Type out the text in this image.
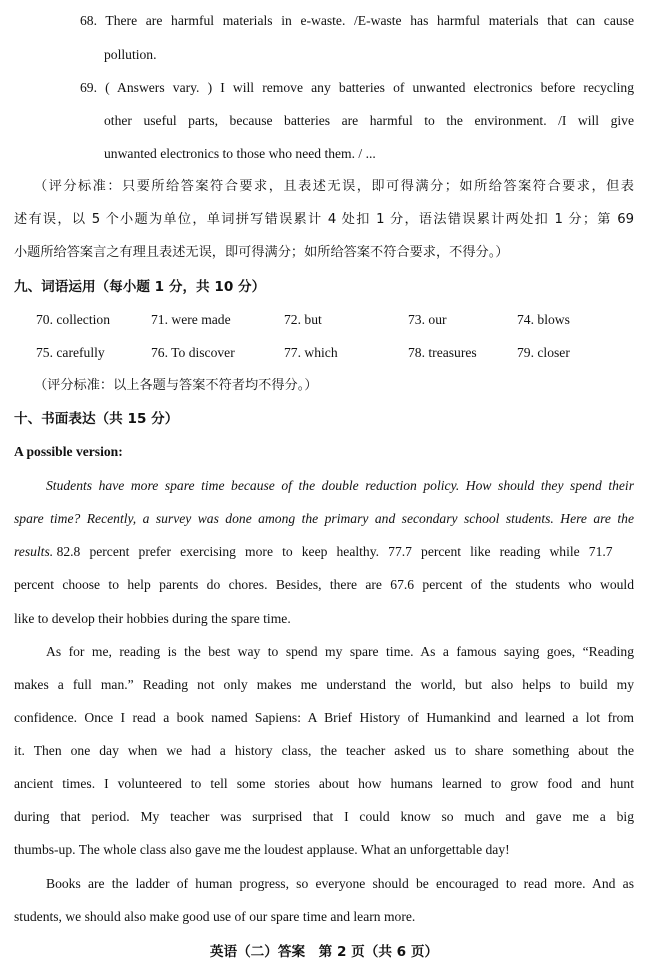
68. There are harmful materials in e-waste. /E-waste has harmful materials that can cause
pollution.
69. ( Answers vary. ) I will remove any batteries of unwanted electronics before recycling
other useful parts, because batteries are harmful to the environment. /I will give
unwanted electronics to those who need them. / ...
（评分标准：只要所给答案符合要求，且表述无误，即可得满分；如所给答案符合要求，但表
述有误，以 5 个小题为单位，单词拼写错误累计 4 处扣 1 分，语法错误累计两处扣 1 分；第 69
小题所给答案言之有理且表述无误，即可得满分；如所给答案不符合要求，不得分。）
九、词语运用（每小题 1 分，共 10 分）
70. collection	71. were made	72. but	73. our	74. blows
75. carefully	76. To discover	77. which	78. treasures	79. closer
（评分标准：以上各题与答案不符者均不得分。）
十、书面表达（共 15 分）
A possible version:
Students have more spare time because of the double reduction policy. How should they spend their
spare time? Recently, a survey was done among the primary and secondary school students. Here are the
results. 82.8 percent prefer exercising more to keep healthy. 77.7 percent like reading while 71.7
percent choose to help parents do chores. Besides, there are 67.6 percent of the students who would
like to develop their hobbies during the spare time.
As for me, reading is the best way to spend my spare time. As a famous saying goes, “Reading
makes a full man.” Reading not only makes me understand the world, but also helps to build my
confidence. Once I read a book named Sapiens: A Brief History of Humankind and learned a lot from
it. Then one day when we had a history class, the teacher asked us to share something about the
ancient times. I volunteered to tell some stories about how humans learned to grow food and hunt
during that period. My teacher was surprised that I could know so much and gave me a big
thumbs-up. The whole class also gave me the loudest applause. What an unforgettable day!
Books are the ladder of human progress, so everyone should be encouraged to read more. And as
students, we should also make good use of our spare time and learn more.
英语（二）答案　第 2 页（共 6 页）
